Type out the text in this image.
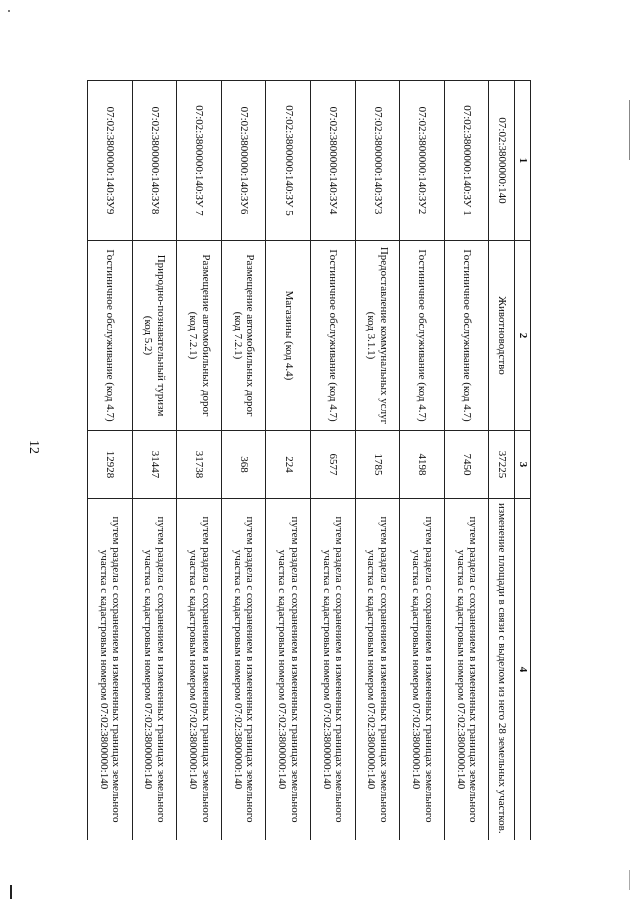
12
1	2	3	4
07:02:3800000:140	Животноводство	37225	изменение площади в связи с выделом из него 28 земельных участков.
07:02:3800000:140:ЗУ 1	Гостиничное обслуживание (код 4.7)	7450	путем раздела с сохранением в измененных границах земельного участка с кадастровым номером 07:02:3800000:140
07:02:3800000:140:ЗУ2	Гостиничное обслуживание (код 4.7)	4198	путем раздела с сохранением в измененных границах земельного участка с кадастровым номером 07:02:3800000:140
07:02:3800000:140:ЗУ3	Предоставление коммунальных услуг (код 3.1.1)	1785	путем раздела с сохранением в измененных границах земельного участка с кадастровым номером 07:02:3800000:140
07:02:3800000:140:ЗУ4	Гостиничное обслуживание (код 4.7)	6577	путем раздела с сохранением в измененных границах земельного участка с кадастровым номером 07:02:3800000:140
07:02:3800000:140:ЗУ 5	Магазины (код 4.4)	224	путем раздела с сохранением в измененных границах земельного участка с кадастровым номером 07:02:3800000:140
07:02:3800000:140:ЗУ6	Размещение автомобильных дорог (код 7.2.1)	368	путем раздела с сохранением в измененных границах земельного участка с кадастровым номером 07:02:3800000:140
07:02:3800000:140:ЗУ 7	Размещение автомобильных дорог (код 7.2.1)	31738	путем раздела с сохранением в измененных границах земельного участка с кадастровым номером 07:02:3800000:140
07:02:3800000:140:ЗУ8	Природно-познавательный туризм (код 5.2)	31447	путем раздела с сохранением в измененных границах земельного участка с кадастровым номером 07:02:3800000:140
07:02:3800000:140:ЗУ9	Гостиничное обслуживание (код 4.7)	12928	путем раздела с сохранением в измененных границах земельного участка с кадастровым номером 07:02:3800000:140
